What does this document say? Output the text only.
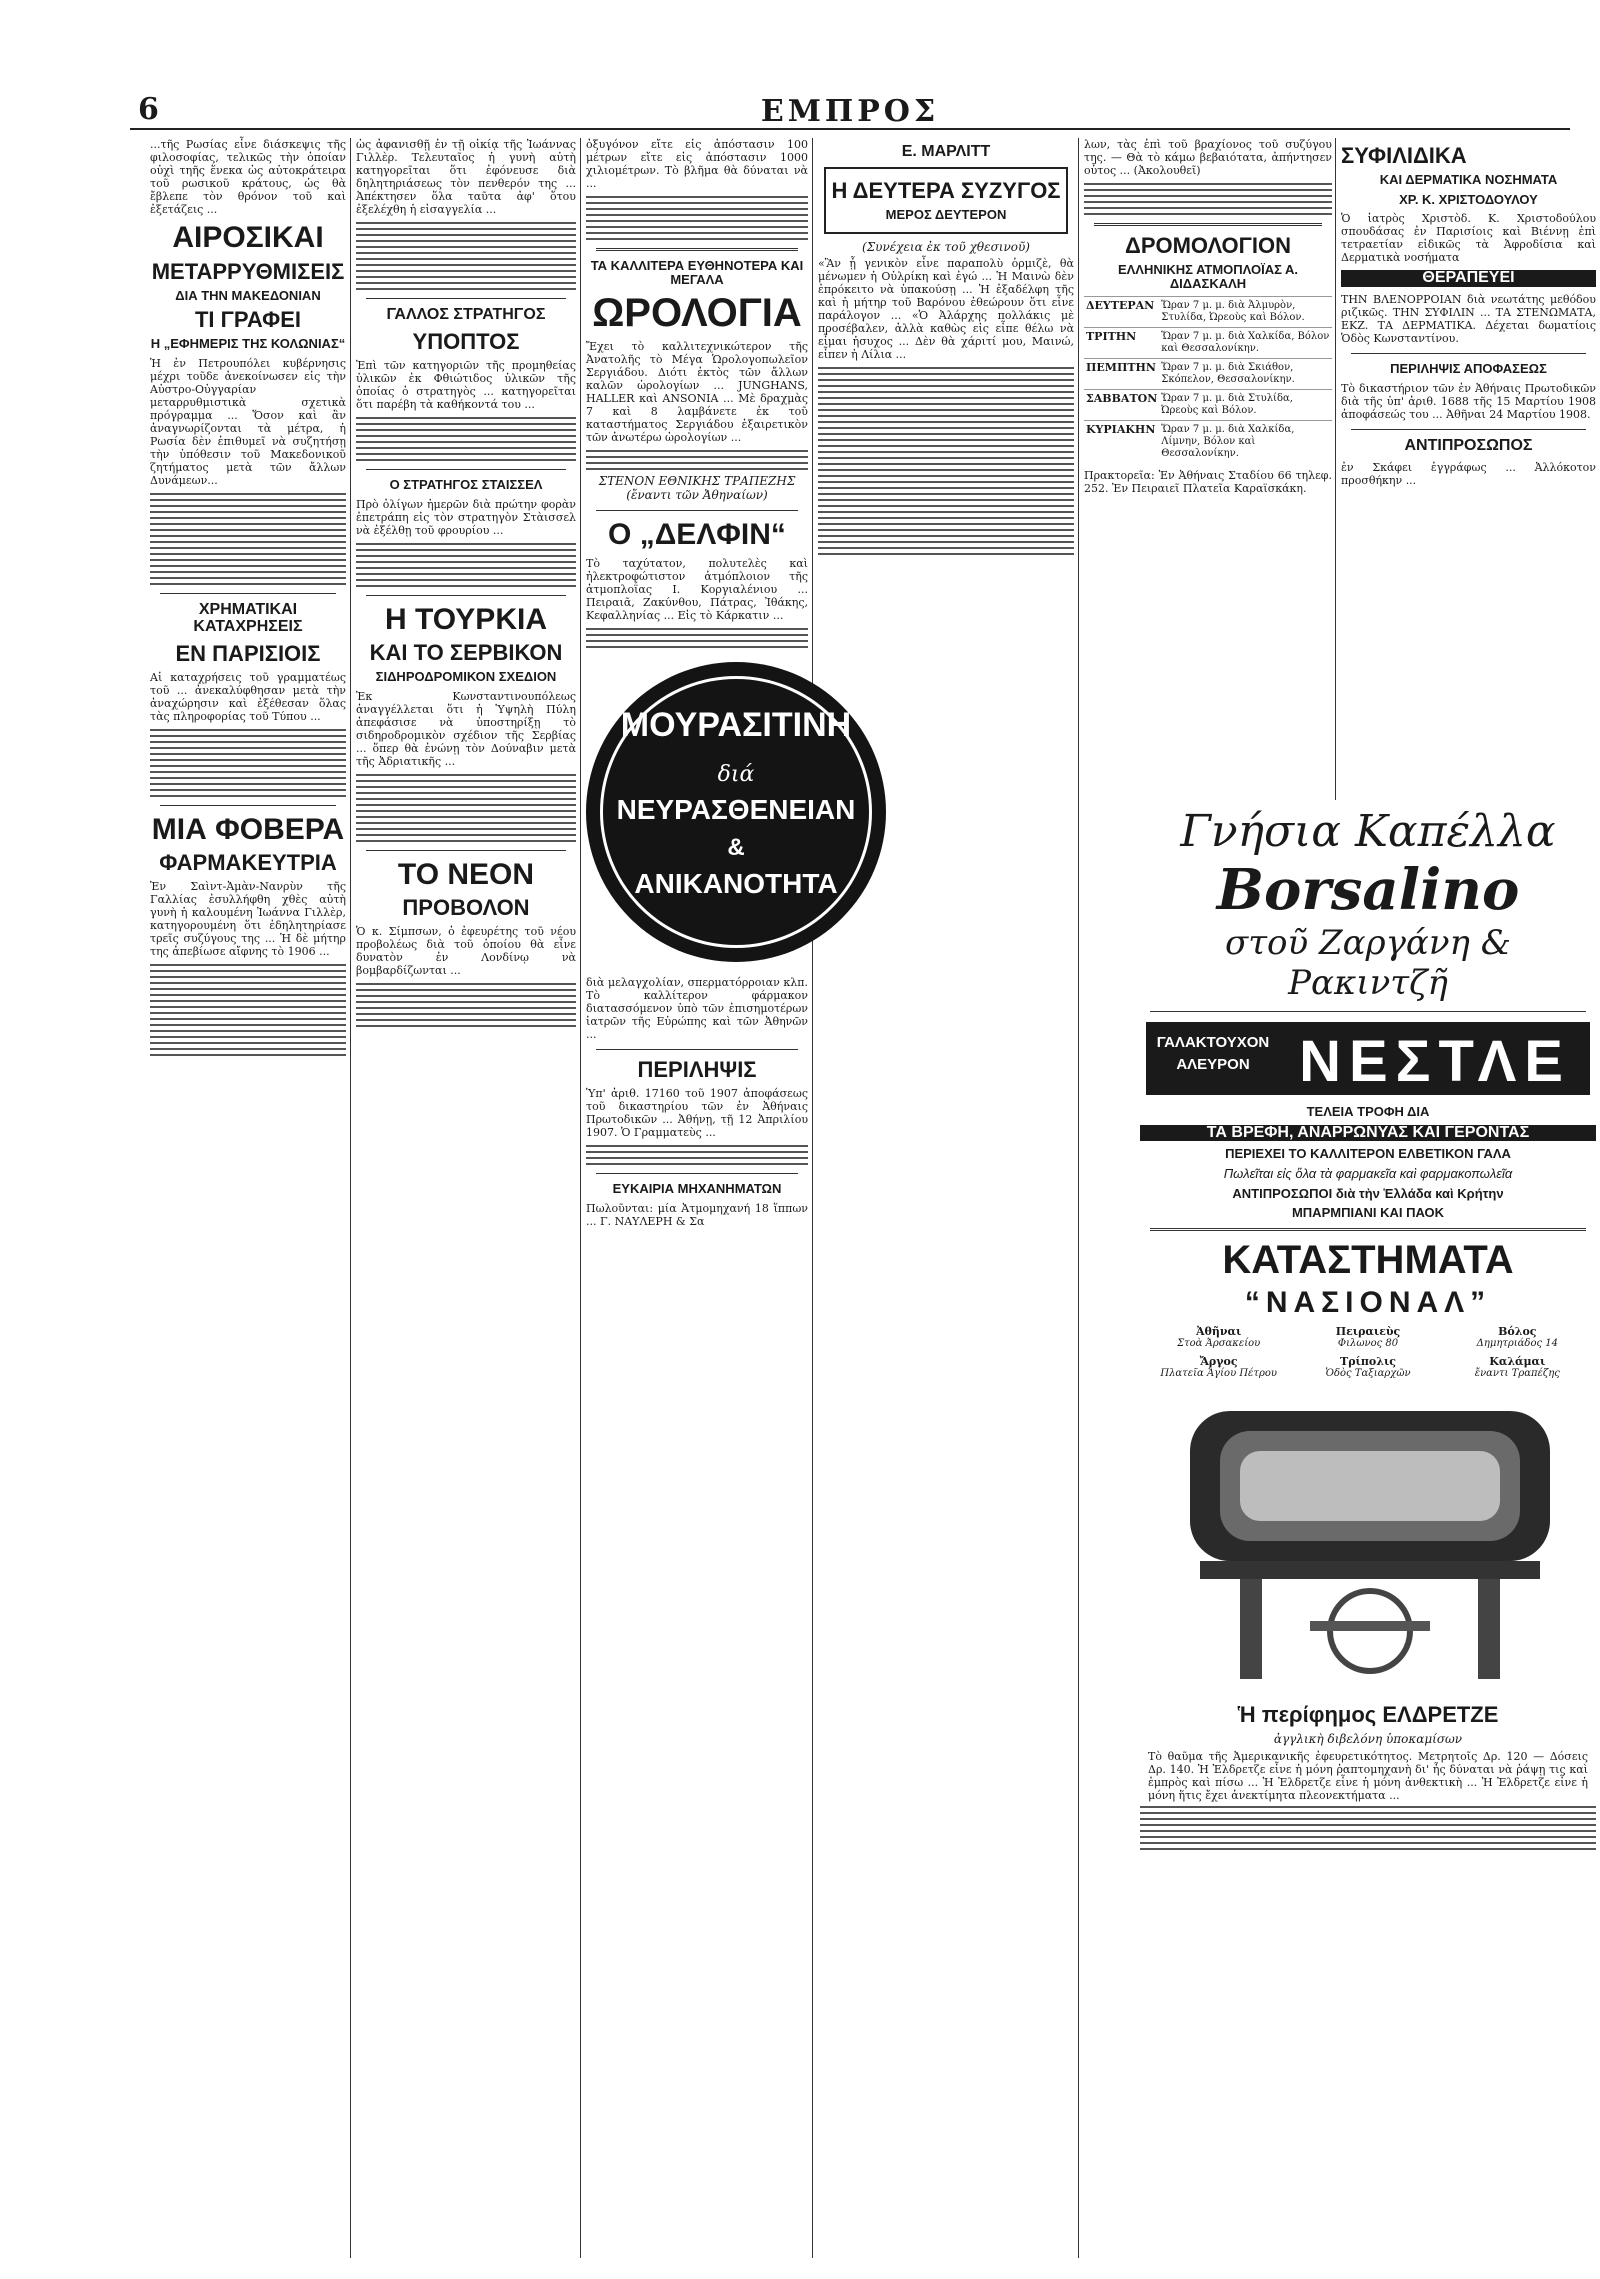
6	ΕΜΠΡΟΣ

...τῆς Ρωσίας εἶνε διάσκεψις τῆς φιλοσοφίας, τελικῶς τὴν ὁποίαν οὐχὶ τηῆς ἕνεκα ὡς αὐτοκράτειρα τοῦ ρωσικοῦ κράτους, ὡς θὰ ἔβλεπε τὸν θρόνον τοῦ καὶ ἐξετάζεις ...

ΑΙΡΟΣΙΚΑΙ
ΜΕΤΑΡΡΥΘΜΙΣΕΙΣ
ΔΙΑ ΤΗΝ ΜΑΚΕΔΟΝΙΑΝ
ΤΙ ΓΡΑΦΕΙ
Η „ΕΦΗΜΕΡΙΣ ΤΗΣ ΚΟΛΩΝΙΑΣ“

Ἡ ἐν Πετρουπόλει κυβέρνησις μέχρι τοῦδε ἀνεκοίνωσεν εἰς τὴν Αὐστρο-Οὐγγαρίαν μεταρρυθμιστικὰ σχετικὰ πρόγραμμα ... Ὅσον καὶ ἂν ἀναγνωρίζονται τὰ μέτρα, ἡ Ρωσία δὲν ἐπιθυμεῖ νὰ συζητήσῃ τὴν ὑπόθεσιν τοῦ Μακεδονικοῦ ζητήματος μετὰ τῶν ἄλλων Δυνάμεων...

ΧΡΗΜΑΤΙΚΑΙ ΚΑΤΑΧΡΗΣΕΙΣ
ΕΝ ΠΑΡΙΣΙΟΙΣ

Αἱ καταχρήσεις τοῦ γραμματέως τοῦ ... ἀνεκαλύφθησαν μετὰ τὴν ἀναχώρησιν καὶ ἐξέθεσαν ὅλας τὰς πληροφορίας τοῦ Τύπου ...

ΜΙΑ ΦΟΒΕΡΑ
ΦΑΡΜΑΚΕΥΤΡΙΑ

Ἐν Σαὶντ-Ἀμὰν-Νανρὺν τῆς Γαλλίας ἐσυλλήφθη χθὲς αὐτὴ γυνὴ ἡ καλουμένη Ἰωάννα Γιλλὲρ, κατηγορουμένη ὅτι ἐδηλητηρίασε τρεῖς συζύγους της ... Ἡ δὲ μήτηρ της ἀπεβίωσε αἴφνης τὸ 1906 ...

ὡς ἀφανισθῇ ἐν τῇ οἰκίᾳ τῆς Ἰωάννας Γιλλὲρ. Τελευταῖος ἡ γυνὴ αὐτὴ κατηγορεῖται ὅτι ἐφόνευσε διὰ δηλητηριάσεως τὸν πενθερόν της ... Ἀπέκτησεν ὅλα ταῦτα ἀφ' ὅτου ἐξελέχθη ἡ εἰσαγγελία ...

ΓΑΛΛΟΣ ΣΤΡΑΤΗΓΟΣ
ΥΠΟΠΤΟΣ

Ἐπὶ τῶν κατηγοριῶν τῆς προμηθείας ὑλικῶν ἐκ Φθιώτιδος ὑλικῶν τῆς ὁποίας ὁ στρατηγὸς ... κατηγορεῖται ὅτι παρέβη τὰ καθήκοντά του ...

Ο ΣΤΡΑΤΗΓΟΣ ΣΤΑΙΣΣΕΛ

Πρὸ ὀλίγων ἡμερῶν διὰ πρώτην φορὰν ἐπετράπη εἰς τὸν στρατηγὸν Στὰισσελ νὰ ἐξέλθῃ τοῦ φρουρίου ...

Η ΤΟΥΡΚΙΑ
ΚΑΙ ΤΟ ΣΕΡΒΙΚΟΝ
ΣΙΔΗΡΟΔΡΟΜΙΚΟΝ ΣΧΕΔΙΟΝ

Ἐκ Κωνσταντινουπόλεως ἀναγγέλλεται ὅτι ἡ Ὑψηλὴ Πύλη ἀπεφάσισε νὰ ὑποστηρίξῃ τὸ σιδηροδρομικὸν σχέδιον τῆς Σερβίας ... ὅπερ θὰ ἐνώνῃ τὸν Δούναβιν μετὰ τῆς Ἀδριατικῆς ...

ΤΟ ΝΕΟΝ
ΠΡΟΒΟΛΟΝ

Ὁ κ. Σίμπσων, ὁ ἐφευρέτης τοῦ νέου προβολέως διὰ τοῦ ὁποίου θὰ εἶνε δυνατὸν ἐν Λονδίνῳ νὰ βομβαρδίζωνται ...

ὀξυγόνον εἴτε εἰς ἀπόστασιν 100 μέτρων εἴτε εἰς ἀπόστασιν 1000 χιλιομέτρων. Τὸ βλῆμα θὰ δύναται νὰ ...

ΤΑ ΚΑΛΛΙΤΕΡΑ ΕΥΘΗΝΟΤΕΡΑ ΚΑΙ ΜΕΓΑΛΑ
ΩΡΟΛΟΓΙΑ

Ἔχει τὸ καλλιτεχνικώτερον τῆς Ἀνατολῆς τὸ Μέγα Ὡρολογοπωλεῖον Σεργιάδου. Διότι ἐκτὸς τῶν ἄλλων καλῶν ὡρολογίων ... JUNGHANS, HALLER καὶ ANSONIA ... Μὲ δραχμὰς 7 καὶ 8 λαμβάνετε ἐκ τοῦ καταστήματος Σεργιάδου ἐξαιρετικὸν τῶν ἀνωτέρω ὡρολογίων ...

ΣΤΕΝΟΝ ΕΘΝΙΚΗΣ ΤΡΑΠΕΖΗΣ (ἔναντι τῶν Ἀθηναίων)
Ο „ΔΕΛΦΙΝ“

Τὸ ταχύτατον, πολυτελὲς καὶ ἠλεκτροφώτιστον ἀτμόπλοιον τῆς ἀτμοπλοΐας Ι. Κοργιαλένιου ... Πειραιᾶ, Ζακύνθου, Πάτρας, Ἰθάκης, Κεφαλληνίας ... Εἰς τὸ Κάρκατιν ...

ΜΟΥΡΑΣΙΤΙΝΗ
διά
ΝΕΥΡΑΣΘΕΝΕΙΑΝ
&
ΑΝΙΚΑΝΟΤΗΤΑ

διὰ μελαγχολίαν, σπερματόρροιαν κλπ. Τὸ καλλίτερον φάρμακον διατασσόμενον ὑπὸ τῶν ἐπισημοτέρων ἰατρῶν τῆς Εὐρώπης καὶ τῶν Ἀθηνῶν ...

ΠΕΡΙΛΗΨΙΣ

Ὑπ' ἀριθ. 17160 τοῦ 1907 ἀποφάσεως τοῦ δικαστηρίου τῶν ἐν Ἀθήναις Πρωτοδικῶν ... Ἀθήνῃ, τῇ 12 Ἀπριλίου 1907. Ὁ Γραμματεὺς ...

ΕΥΚΑΙΡΙΑ ΜΗΧΑΝΗΜΑΤΩΝ

Πωλοῦνται: μία Ἀτμομηχανή 18 ἵππων ... Γ. ΝΑΥΛΕΡΗ & Σα

Ε. ΜΑΡΛΙΤΤ
Η ΔΕΥΤΕΡΑ ΣΥΖΥΓΟΣ
ΜΕΡΟΣ ΔΕΥΤΕΡΟΝ
(Συνέχεια ἐκ τοῦ χθεσινοῦ)

«Ἂν ᾖ γενικὸν εἶνε παραπολὺ ὁρμιζὲ, θὰ μένωμεν ἡ Οὐλρίκη καὶ ἐγώ ... Ἡ Μαινὼ δὲν ἐπρόκειτο νὰ ὑπακούσῃ ... Ἡ ἐξαδέλφη τῆς καὶ ἡ μήτηρ τοῦ Βαρόνου ἐθεώρουν ὅτι εἶνε παράλογον ... «Ὁ Ἀλάρχης πολλάκις μὲ προσέβαλεν, ἀλλὰ καθὼς εἰς εἶπε θέλω νὰ εἶμαι ἡσυχος ... Δὲν θὰ χάριτί μου, Μαινώ, εἶπεν ἡ Λίλια ...

λων, τὰς ἐπὶ τοῦ βραχίονος τοῦ συζύγου της. — Θὰ τὸ κάμω βεβαιότατα, ἀπήντησεν οὗτος ... (Ἀκολουθεῖ)

ΔΡΟΜΟΛΟΓΙΟΝ
ΕΛΛΗΝΙΚΗΣ ΑΤΜΟΠΛΟΪΑΣ Α. ΔΙΔΑΣΚΑΛΗ
ΔΕΥΤΕΡΑΝ	Ὥραν 7 μ. μ. διὰ Ἀλμυρὸν, Στυλίδα, Ὠρεοὺς καὶ Βόλον.
ΤΡΙΤΗΝ	Ὥραν 7 μ. μ. διὰ Χαλκίδα, Βόλον καὶ Θεσσαλονίκην.
ΠΕΜΠΤΗΝ	Ὥραν 7 μ. μ. διὰ Σκιάθον, Σκόπελον, Θεσσαλονίκην.
ΣΑΒΒΑΤΟΝ	Ὥραν 7 μ. μ. διὰ Στυλίδα, Ὠρεοὺς καὶ Βόλον.
ΚΥΡΙΑΚΗΝ	Ὥραν 7 μ. μ. διὰ Χαλκίδα, Λίμνην, Βόλον καὶ Θεσσαλονίκην.

Πρακτορεῖα: Ἐν Ἀθήναις Σταδίου 66 τηλεφ. 252. Ἐν Πειραιεῖ Πλατεῖα Καραϊσκάκη.

ΣΥΦΙΛΙΔΙΚΑ
ΚΑΙ ΔΕΡΜΑΤΙΚΑ ΝΟΣΗΜΑΤΑ
ΧΡ. Κ. ΧΡΙΣΤΟΔΟΥΛΟΥ

Ὁ ἰατρὸς Χριστὸδ. Κ. Χριστοδούλου σπουδάσας ἐν Παρισίοις καὶ Βιέννῃ ἐπὶ τετραετίαν εἰδικῶς τὰ Ἀφροδίσια καὶ Δερματικὰ νοσήματα

ΘΕΡΑΠΕΥΕΙ

ΤΗΝ ΒΛΕΝΟΡΡΟΙΑΝ διὰ νεωτάτης μεθόδου ριζικῶς. ΤΗΝ ΣΥΦΙΛΙΝ ... ΤΑ ΣΤΕΝΩΜΑΤΑ, ΕΚΖ. ΤΑ ΔΕΡΜΑΤΙΚΑ. Δέχεται δωματίοις Ὁδὸς Κωνσταντίνου.

ΠΕΡΙΛΗΨΙΣ ΑΠΟΦΑΣΕΩΣ

Τὸ δικαστήριον τῶν ἐν Ἀθήναις Πρωτοδικῶν διὰ τῆς ὑπ' ἀριθ. 1688 τῆς 15 Μαρτίου 1908 ἀποφάσεώς του ... Ἀθῆναι 24 Μαρτίου 1908.

ΑΝΤΙΠΡΟΣΩΠΟΣ

ἐν Σκάφει ἐγγράφως ... Ἀλλόκοτον προσθήκην ...

Γνήσια Καπέλλα
Borsalino
στοῦ Ζαργάνη & Ρακιντζῆ
ΓΑΛΑΚΤΟΥΧΟΝ ΑΛΕΥΡΟΝ ΝΕΣΤΛΕ
ΤΕΛΕΙΑ ΤΡΟΦΗ ΔΙΑ
ΤΑ ΒΡΕΦΗ, ΑΝΑΡΡΩΝΥΑΣ ΚΑΙ ΓΕΡΟΝΤΑΣ
ΠΕΡΙΕΧΕΙ ΤΟ ΚΑΛΛΙΤΕΡΟΝ ΕΛΒΕΤΙΚΟΝ ΓΑΛΑ
Πωλεῖται εἰς ὅλα τὰ φαρμακεῖα καὶ φαρμακοπωλεῖα
ΑΝΤΙΠΡΟΣΩΠΟΙ διὰ τὴν Ἑλλάδα καὶ Κρήτην
ΜΠΑΡΜΠΙΑΝΙ ΚΑΙ ΠΑΟΚ
ΚΑΤΑΣΤΗΜΑΤΑ
“ΝΑΣΙΟΝΑΛ”
Ἀθῆναι
Στοὰ Ἀρσακείου
Πειραιεὺς
Φιλωνος 80
Βόλος
Δημητριάδος 14
Ἄργος
Πλατεῖα Ἁγίου Πέτρου
Τρίπολις
Ὁδὸς Ταξιαρχῶν
Καλάμαι
ἔναντι Τραπέζης
Ἡ περίφημος ΕΛΔΡΕΤΖΕ
ἀγγλικὴ διβελόνη ὑποκαμίσων

Τὸ θαῦμα τῆς Ἀμερικανικῆς ἐφευρετικότητος. Μετρητοῖς Δρ. 120 — Δόσεις Δρ. 140. Ἡ Ἐλδρετζε εἶνε ἡ μόνη ῥαπτομηχανὴ δι' ἧς δύναται νὰ ῥάψῃ τις καὶ ἐμπρὸς καὶ πίσω ... Ἡ Ἐλδρετζε εἶνε ἡ μόνη ἀνθεκτικὴ ... Ἡ Ἐλδρετζε εἶνε ἡ μόνη ἥτις ἔχει ἀνεκτίμητα πλεονεκτήματα ...
